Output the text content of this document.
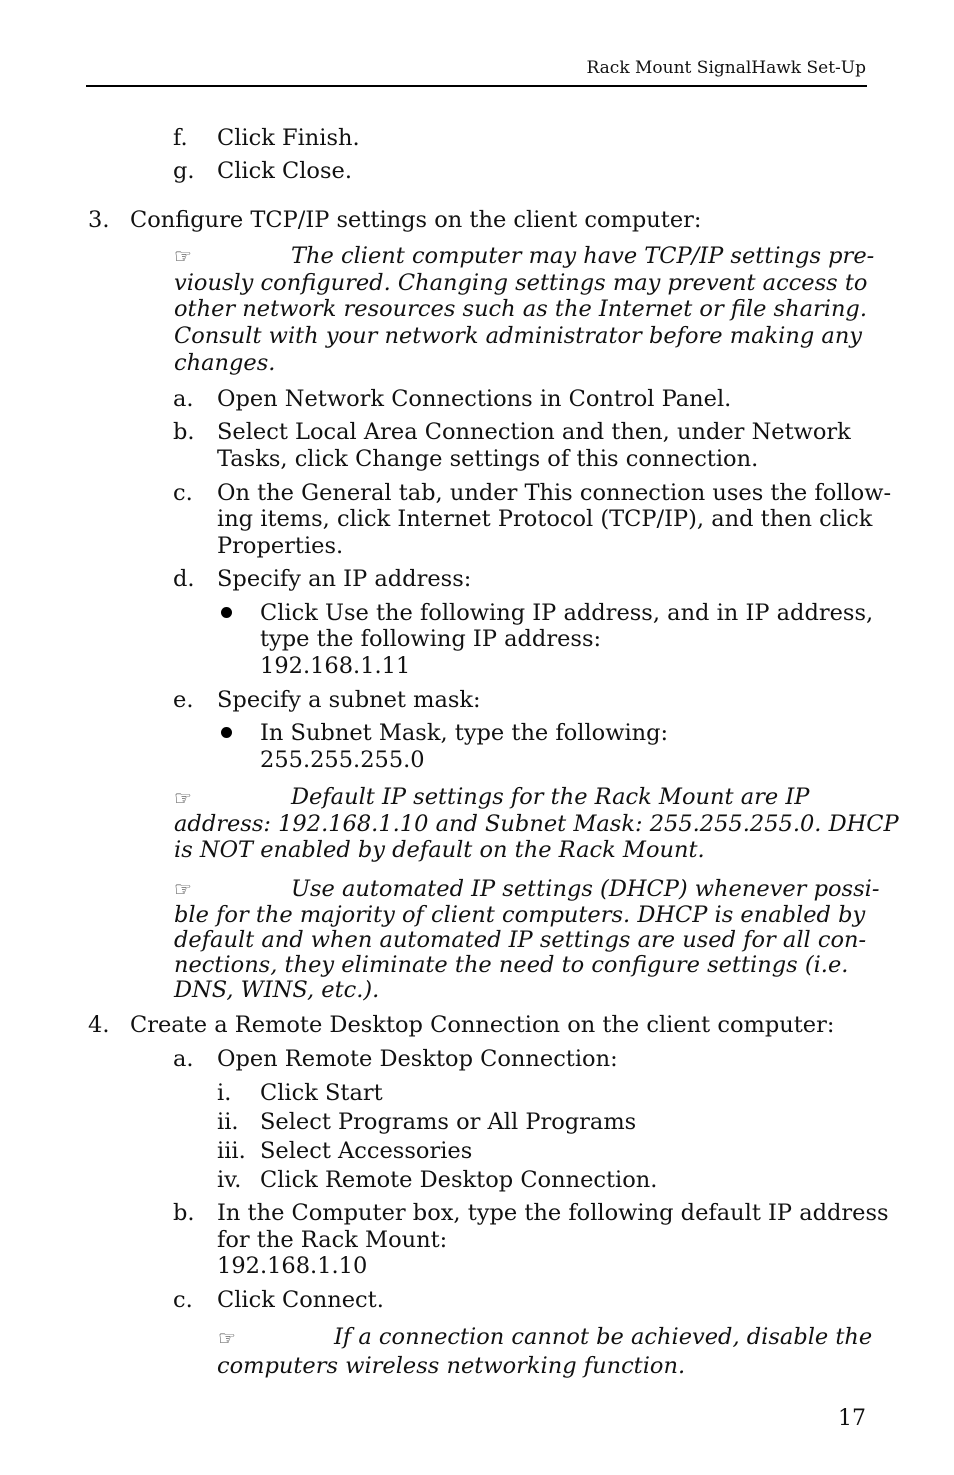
Rack Mount SignalHawk Set-Up
f. Click Finish.
g. Click Close.
3. Configure TCP/IP settings on the client computer:
☞	The client computer may have TCP/IP settings pre-
viously configured. Changing settings may prevent access to
other network resources such as the Internet or file sharing.
Consult with your network administrator before making any
changes.
a. Open Network Connections in Control Panel.
b. Select Local Area Connection and then, under Network
Tasks, click Change settings of this connection.
c. On the General tab, under This connection uses the follow-
ing items, click Internet Protocol (TCP/IP), and then click
Properties.
d. Specify an IP address:
Click Use the following IP address, and in IP address,
type the following IP address:
192.168.1.11
e. Specify a subnet mask:
In Subnet Mask, type the following:
255.255.255.0
☞	Default IP settings for the Rack Mount are IP
address: 192.168.1.10 and Subnet Mask: 255.255.255.0. DHCP
is NOT enabled by default on the Rack Mount.
☞	Use automated IP settings (DHCP) whenever possi-
ble for the majority of client computers. DHCP is enabled by
default and when automated IP settings are used for all con-
nections, they eliminate the need to configure settings (i.e.
DNS, WINS, etc.).
4. Create a Remote Desktop Connection on the client computer:
a. Open Remote Desktop Connection:
i. Click Start
ii. Select Programs or All Programs
iii. Select Accessories
iv. Click Remote Desktop Connection.
b. In the Computer box, type the following default IP address
for the Rack Mount:
192.168.1.10
c. Click Connect.
☞	If a connection cannot be achieved, disable the
computers wireless networking function.
17
